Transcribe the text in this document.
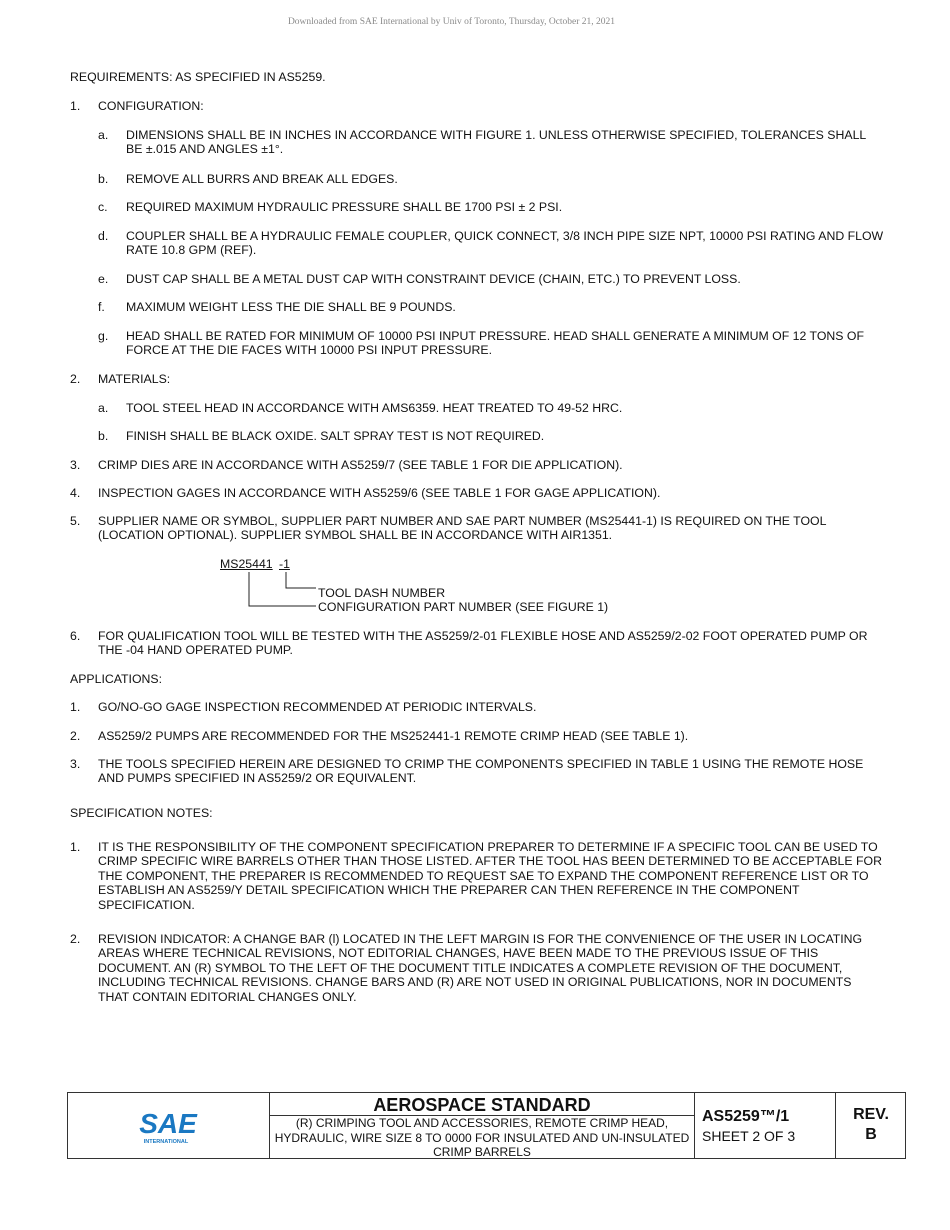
Downloaded from SAE International by Univ of Toronto, Thursday, October 21, 2021
REQUIREMENTS: AS SPECIFIED IN AS5259.
1. CONFIGURATION:
a. DIMENSIONS SHALL BE IN INCHES IN ACCORDANCE WITH FIGURE 1. UNLESS OTHERWISE SPECIFIED, TOLERANCES SHALL BE ±.015 AND ANGLES ±1°.
b. REMOVE ALL BURRS AND BREAK ALL EDGES.
c. REQUIRED MAXIMUM HYDRAULIC PRESSURE SHALL BE 1700 PSI ± 2 PSI.
d. COUPLER SHALL BE A HYDRAULIC FEMALE COUPLER, QUICK CONNECT, 3/8 INCH PIPE SIZE NPT, 10000 PSI RATING AND FLOW RATE 10.8 GPM (REF).
e. DUST CAP SHALL BE A METAL DUST CAP WITH CONSTRAINT DEVICE (CHAIN, ETC.) TO PREVENT LOSS.
f. MAXIMUM WEIGHT LESS THE DIE SHALL BE 9 POUNDS.
g. HEAD SHALL BE RATED FOR MINIMUM OF 10000 PSI INPUT PRESSURE. HEAD SHALL GENERATE A MINIMUM OF 12 TONS OF FORCE AT THE DIE FACES WITH 10000 PSI INPUT PRESSURE.
2. MATERIALS:
a. TOOL STEEL HEAD IN ACCORDANCE WITH AMS6359. HEAT TREATED TO 49-52 HRC.
b. FINISH SHALL BE BLACK OXIDE. SALT SPRAY TEST IS NOT REQUIRED.
3. CRIMP DIES ARE IN ACCORDANCE WITH AS5259/7 (SEE TABLE 1 FOR DIE APPLICATION).
4. INSPECTION GAGES IN ACCORDANCE WITH AS5259/6 (SEE TABLE 1 FOR GAGE APPLICATION).
5. SUPPLIER NAME OR SYMBOL, SUPPLIER PART NUMBER AND SAE PART NUMBER (MS25441-1) IS REQUIRED ON THE TOOL (LOCATION OPTIONAL). SUPPLIER SYMBOL SHALL BE IN ACCORDANCE WITH AIR1351.
MS25441 -1
TOOL DASH NUMBER
CONFIGURATION PART NUMBER (SEE FIGURE 1)
6. FOR QUALIFICATION TOOL WILL BE TESTED WITH THE AS5259/2-01 FLEXIBLE HOSE AND AS5259/2-02 FOOT OPERATED PUMP OR THE -04 HAND OPERATED PUMP.
APPLICATIONS:
1. GO/NO-GO GAGE INSPECTION RECOMMENDED AT PERIODIC INTERVALS.
2. AS5259/2 PUMPS ARE RECOMMENDED FOR THE MS252441-1 REMOTE CRIMP HEAD (SEE TABLE 1).
3. THE TOOLS SPECIFIED HEREIN ARE DESIGNED TO CRIMP THE COMPONENTS SPECIFIED IN TABLE 1 USING THE REMOTE HOSE AND PUMPS SPECIFIED IN AS5259/2 OR EQUIVALENT.
SPECIFICATION NOTES:
1. IT IS THE RESPONSIBILITY OF THE COMPONENT SPECIFICATION PREPARER TO DETERMINE IF A SPECIFIC TOOL CAN BE USED TO CRIMP SPECIFIC WIRE BARRELS OTHER THAN THOSE LISTED. AFTER THE TOOL HAS BEEN DETERMINED TO BE ACCEPTABLE FOR THE COMPONENT, THE PREPARER IS RECOMMENDED TO REQUEST SAE TO EXPAND THE COMPONENT REFERENCE LIST OR TO ESTABLISH AN AS5259/Y DETAIL SPECIFICATION WHICH THE PREPARER CAN THEN REFERENCE IN THE COMPONENT SPECIFICATION.
2. REVISION INDICATOR: A CHANGE BAR (l) LOCATED IN THE LEFT MARGIN IS FOR THE CONVENIENCE OF THE USER IN LOCATING AREAS WHERE TECHNICAL REVISIONS, NOT EDITORIAL CHANGES, HAVE BEEN MADE TO THE PREVIOUS ISSUE OF THIS DOCUMENT. AN (R) SYMBOL TO THE LEFT OF THE DOCUMENT TITLE INDICATES A COMPLETE REVISION OF THE DOCUMENT, INCLUDING TECHNICAL REVISIONS. CHANGE BARS AND (R) ARE NOT USED IN ORIGINAL PUBLICATIONS, NOR IN DOCUMENTS THAT CONTAIN EDITORIAL CHANGES ONLY.
SAE
INTERNATIONAL
AEROSPACE STANDARD
(R) CRIMPING TOOL AND ACCESSORIES, REMOTE CRIMP HEAD, HYDRAULIC, WIRE SIZE 8 TO 0000 FOR INSULATED AND UN-INSULATED CRIMP BARRELS
AS5259™/1
SHEET 2 OF 3
REV.
B
